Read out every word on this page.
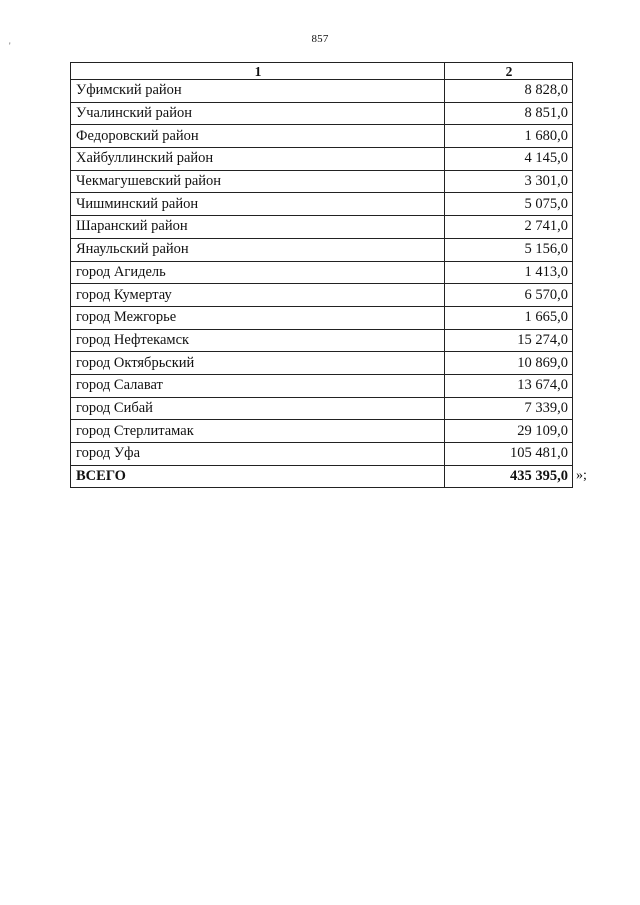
857
'
1	2
Уфимский район	8 828,0
Учалинский район	8 851,0
Федоровский район	1 680,0
Хайбуллинский район	4 145,0
Чекмагушевский район	3 301,0
Чишминский район	5 075,0
Шаранский район	2 741,0
Янаульский район	5 156,0
город Агидель	1 413,0
город Кумертау	6 570,0
город Межгорье	1 665,0
город Нефтекамск	15 274,0
город Октябрьский	10 869,0
город Салават	13 674,0
город Сибай	7 339,0
город Стерлитамак	29 109,0
город Уфа	105 481,0
ВСЕГО	435 395,0 »;
